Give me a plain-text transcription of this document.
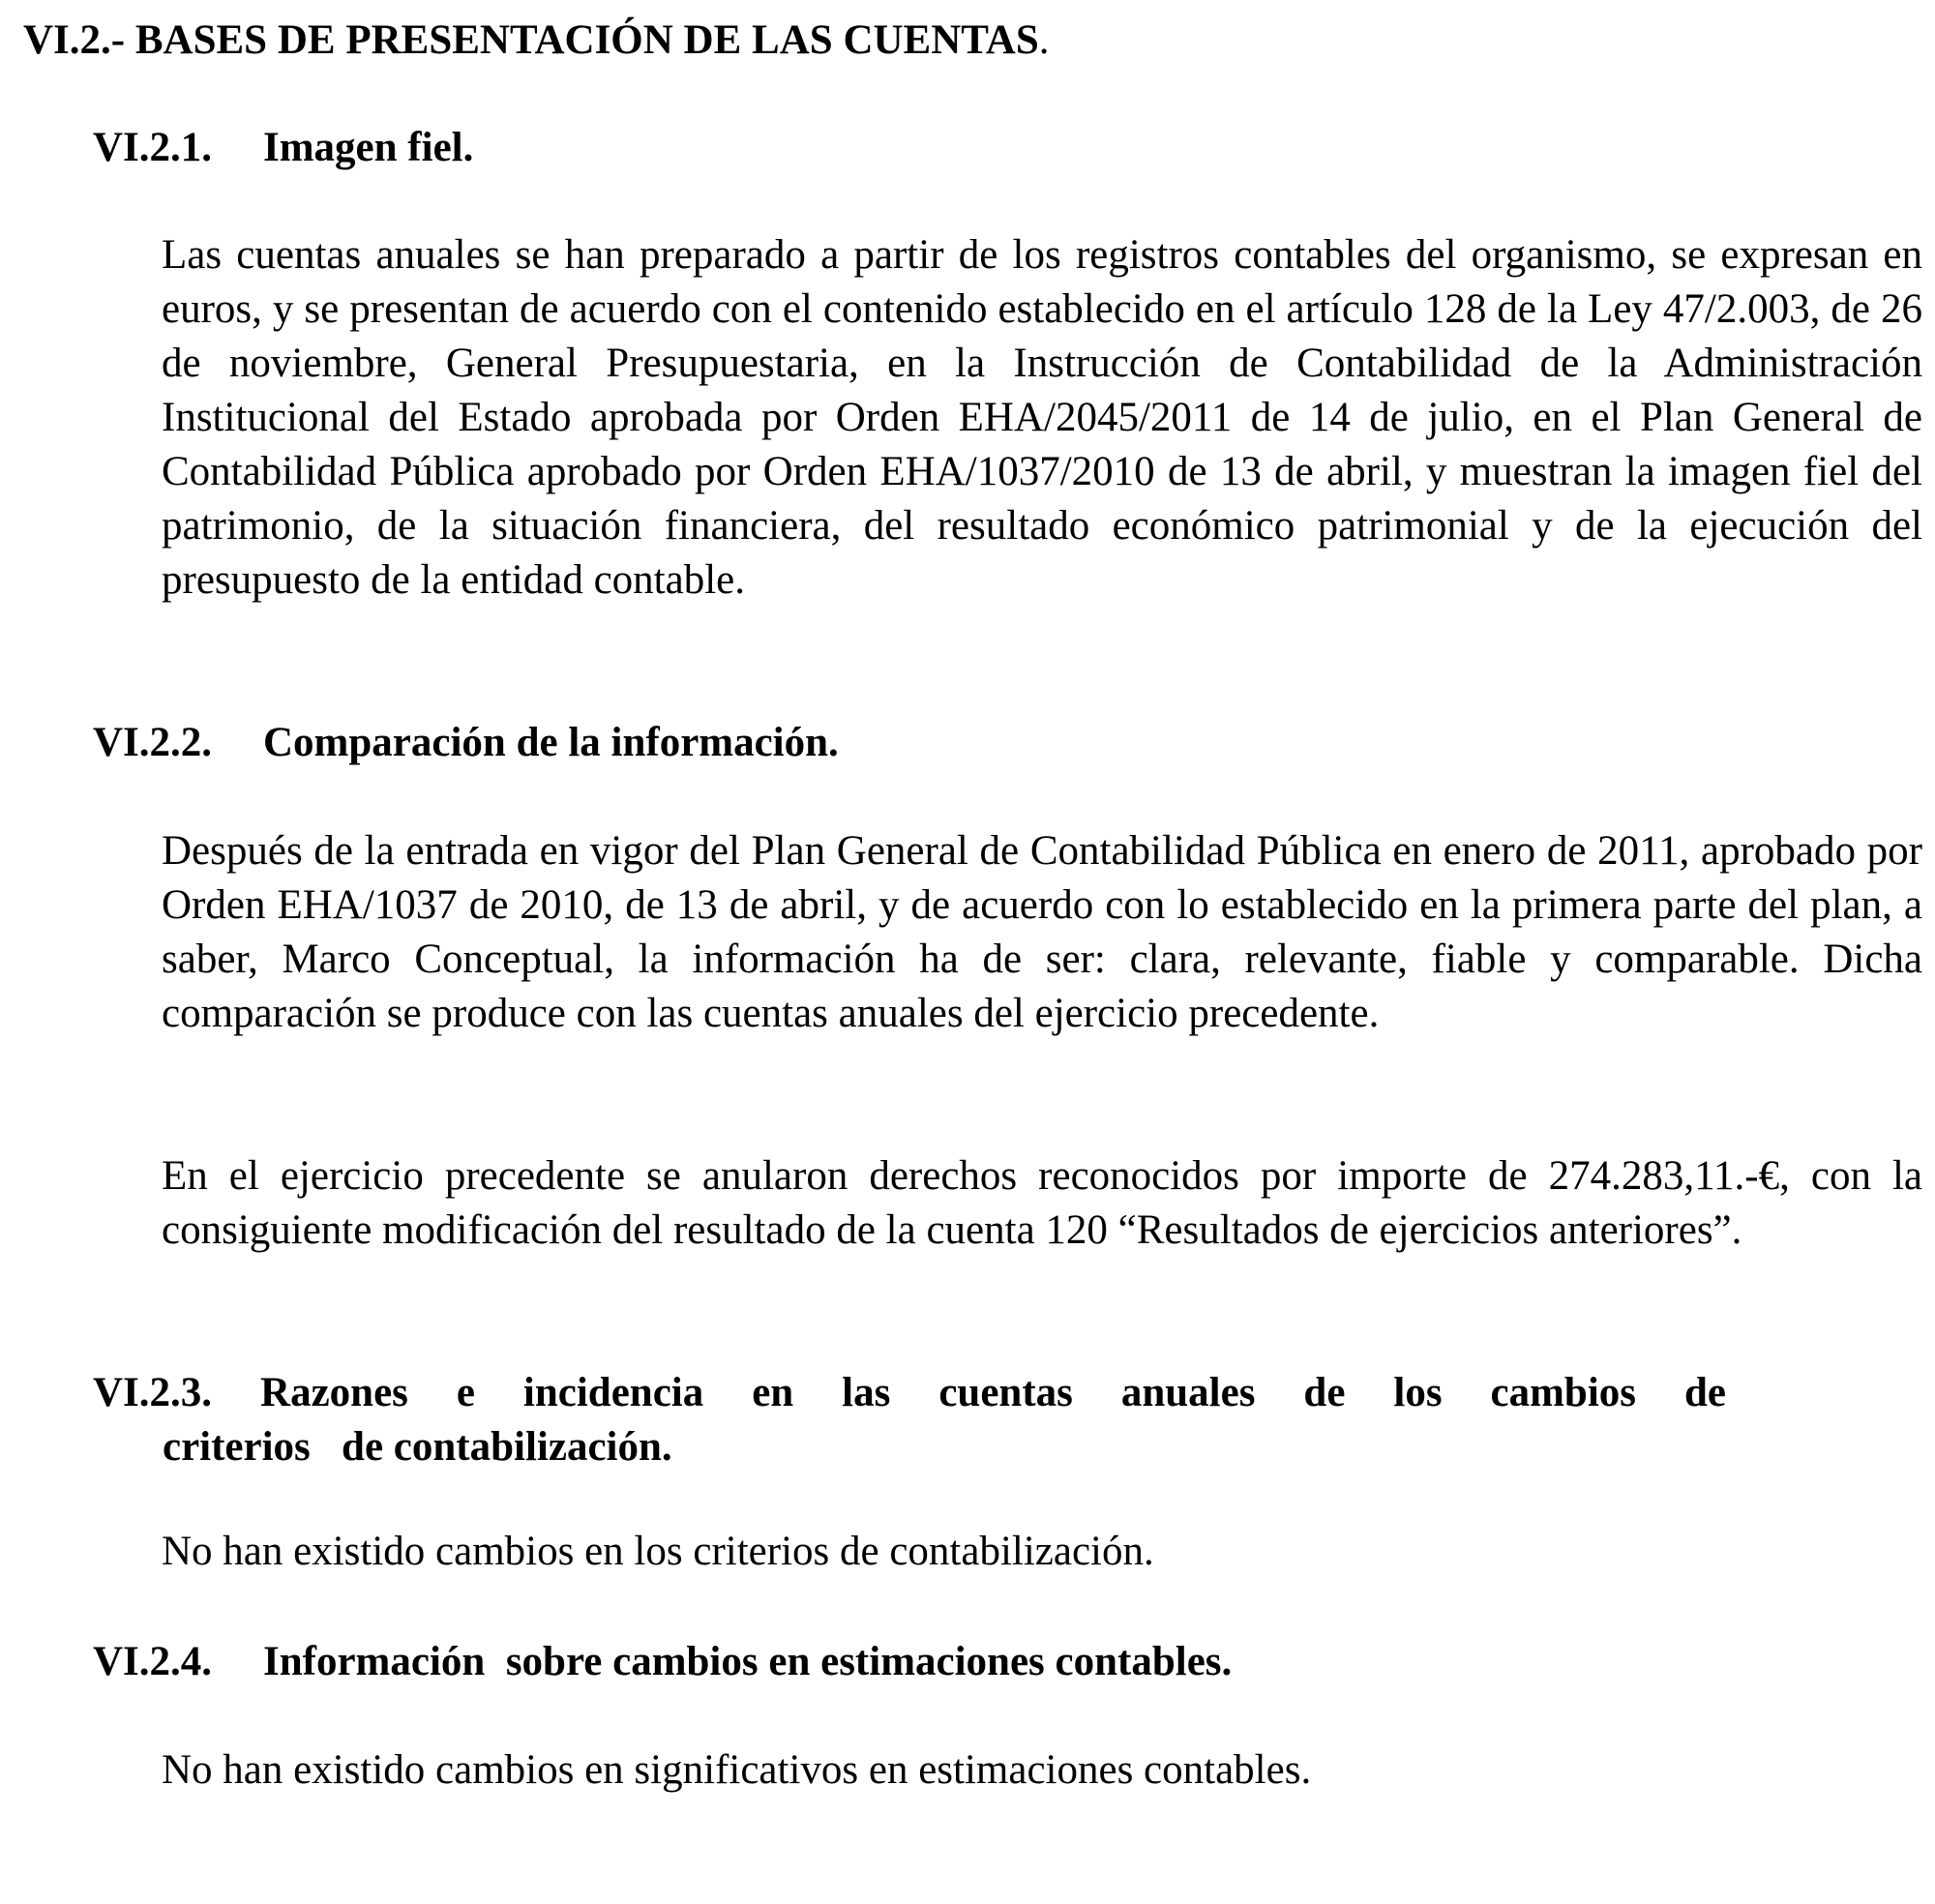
VI.2.- BASES DE PRESENTACIÓN DE LAS CUENTAS.
VI.2.1. Imagen fiel.

Las cuentas anuales se han preparado a partir de los registros contables del organismo, se expresan en euros, y se presentan de acuerdo con el contenido establecido en el artículo 128 de la Ley 47/2.003, de 26 de noviembre, General Presupuestaria, en la Instrucción de Contabilidad de la Administración Institucional del Estado aprobada por Orden EHA/2045/2011 de 14 de julio, en el Plan General de Contabilidad Pública aprobado por Orden EHA/1037/2010 de 13 de abril, y muestran la imagen fiel del patrimonio, de la situación financiera, del resultado económico patrimonial y de la ejecución del presupuesto de la entidad contable.

VI.2.2. Comparación de la información.

Después de la entrada en vigor del Plan General de Contabilidad Pública en enero de 2011, aprobado por Orden EHA/1037 de 2010, de 13 de abril, y de acuerdo con lo establecido en la primera parte del plan, a saber, Marco Conceptual, la información ha de ser: clara, relevante, fiable y comparable. Dicha comparación se produce con las cuentas anuales del ejercicio precedente.

En el ejercicio precedente se anularon derechos reconocidos por importe de 274.283,11.-€, con la consiguiente modificación del resultado de la cuenta 120 “Resultados de ejercicios anteriores”.

VI.2.3. Razones e incidencia en las cuentas anuales de los cambios de
criterios   de contabilización.

No han existido cambios en los criterios de contabilización.

VI.2.4. Información  sobre cambios en estimaciones contables.

No han existido cambios en significativos en estimaciones contables.
